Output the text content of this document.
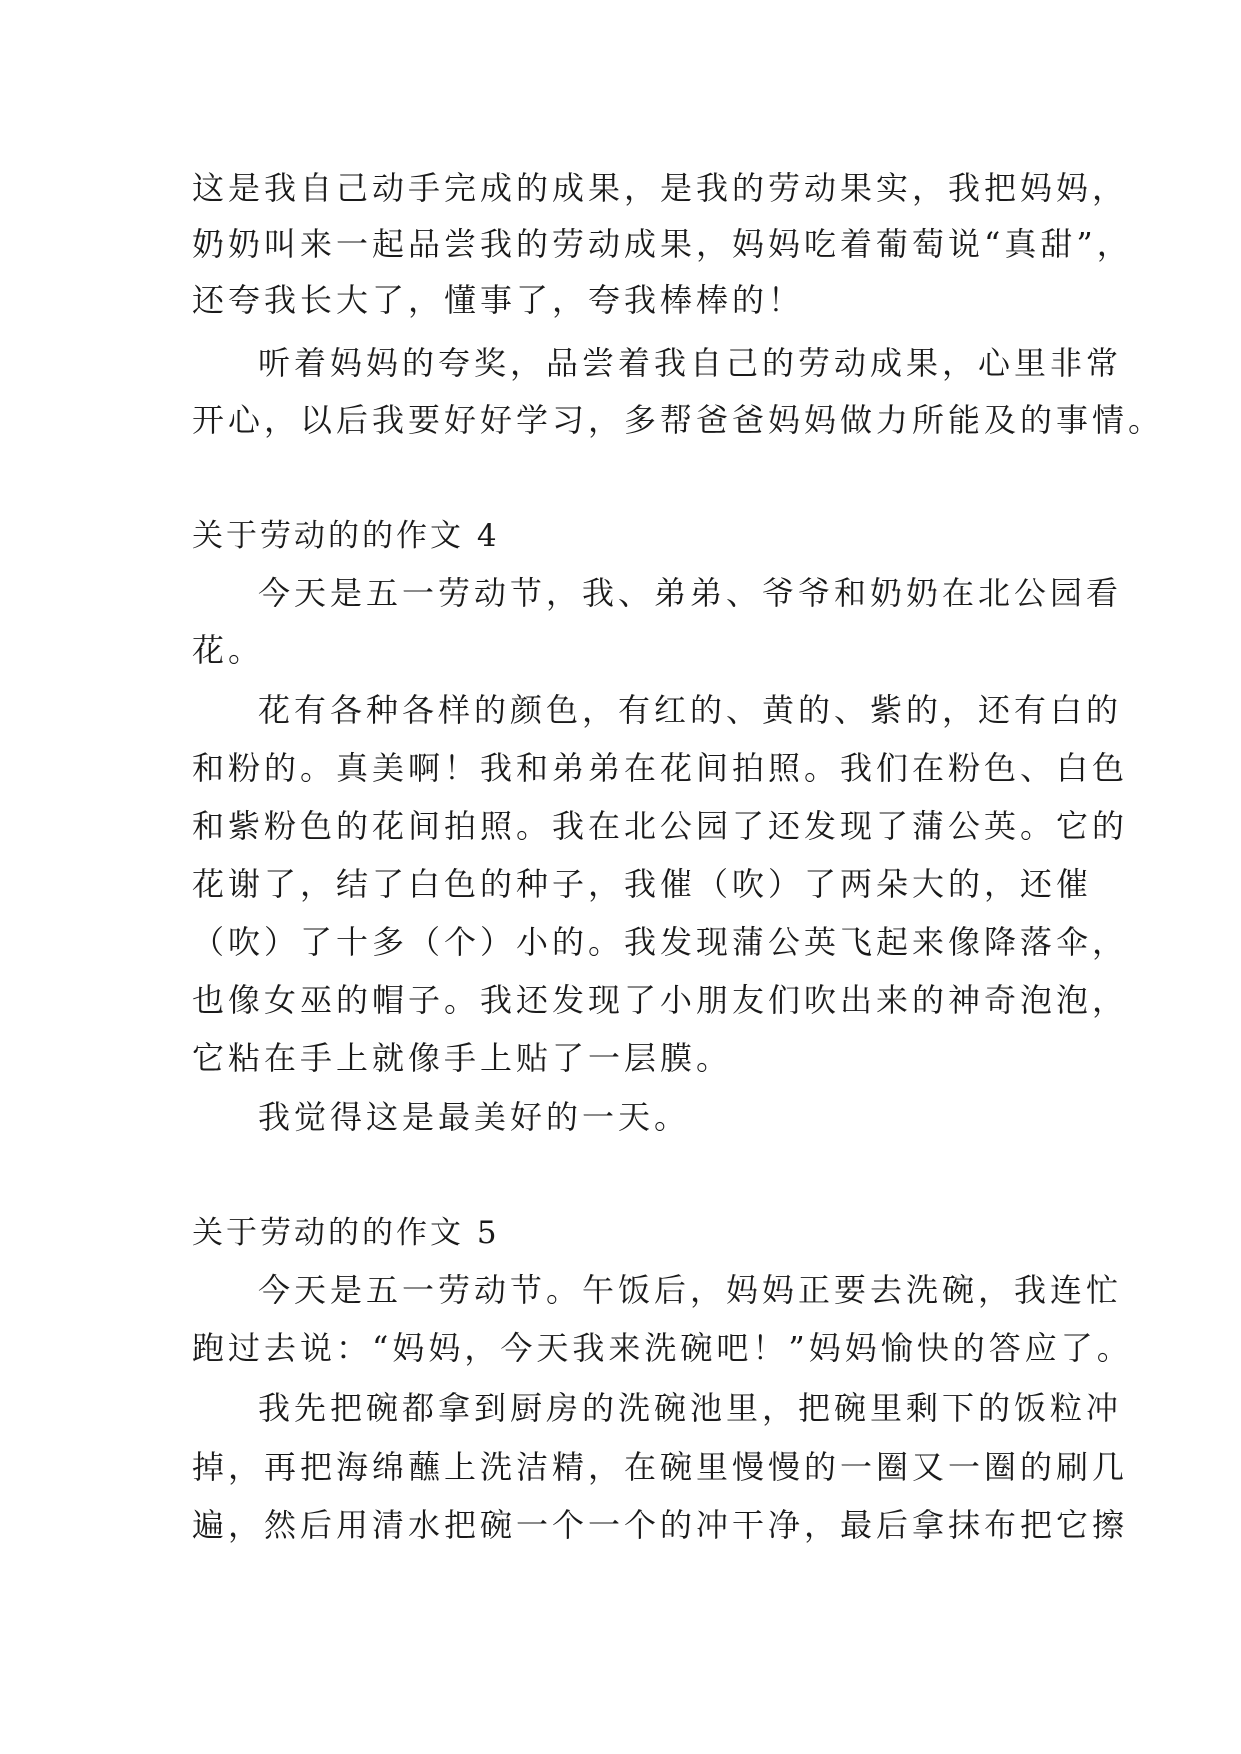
这是我自己动手完成的成果，是我的劳动果实，我把妈妈，
奶奶叫来一起品尝我的劳动成果，妈妈吃着葡萄说“真甜”，
还夸我长大了，懂事了，夸我棒棒的！
听着妈妈的夸奖，品尝着我自己的劳动成果，心里非常
开心，以后我要好好学习，多帮爸爸妈妈做力所能及的事情。
关于劳动的的作文 4
今天是五一劳动节，我、弟弟、爷爷和奶奶在北公园看
花。
花有各种各样的颜色，有红的、黄的、紫的，还有白的
和粉的。真美啊！我和弟弟在花间拍照。我们在粉色、白色
和紫粉色的花间拍照。我在北公园了还发现了蒲公英。它的
花谢了，结了白色的种子，我催（吹）了两朵大的，还催
（吹）了十多（个）小的。我发现蒲公英飞起来像降落伞，
也像女巫的帽子。我还发现了小朋友们吹出来的神奇泡泡，
它粘在手上就像手上贴了一层膜。
我觉得这是最美好的一天。
关于劳动的的作文 5
今天是五一劳动节。午饭后，妈妈正要去洗碗，我连忙
跑过去说：“妈妈，今天我来洗碗吧！”妈妈愉快的答应了。
我先把碗都拿到厨房的洗碗池里，把碗里剩下的饭粒冲
掉，再把海绵蘸上洗洁精，在碗里慢慢的一圈又一圈的刷几
遍，然后用清水把碗一个一个的冲干净，最后拿抹布把它擦
